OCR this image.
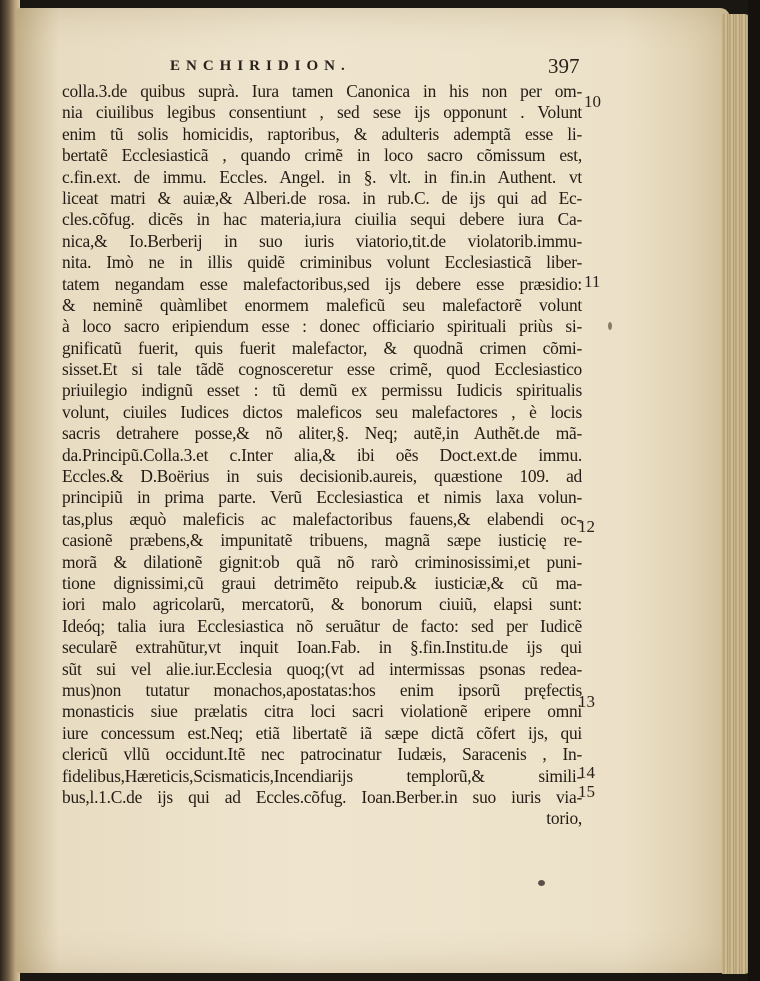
ENCHIRIDION.	397
colla.3.de quibus suprà. Iura tamen Canonica in his non per om-
nia ciuilibus legibus consentiunt , sed sese ijs opponunt . Volunt
enim tũ solis homicidis, raptoribus, & adulteris ademptã esse li-
bertatẽ Ecclesiasticã , quando crimẽ in loco sacro cõmissum est,
c.fin.ext. de immu. Eccles. Angel. in §. vlt. in fin.in Authent. vt
liceat matri & auiæ,& Alberi.de rosa. in rub.C. de ijs qui ad Ec-
cles.cõfug. dicẽs in hac materia,iura ciuilia sequi debere iura Ca-
nica,& Io.Berberij in suo iuris viatorio,tit.de violatorib.immu-
nita. Imò ne in illis quidẽ criminibus volunt Ecclesiasticã liber-
tatem negandam esse malefactoribus,sed ijs debere esse præsidio:
& neminẽ quàmlibet enormem maleficũ seu malefactorẽ volunt
à loco sacro eripiendum esse : donec officiario spirituali priùs si-
gnificatũ fuerit, quis fuerit malefactor, & quodnã crimen cõmi-
sisset.Et si tale tãdẽ cognosceretur esse crimẽ, quod Ecclesiastico
priuilegio indignũ esset : tũ demũ ex permissu Iudicis spiritualis
volunt, ciuiles Iudices dictos maleficos seu malefactores , è locis
sacris detrahere posse,& nõ aliter,§. Neq; autẽ,in Authẽt.de mã-
da.Principũ.Colla.3.et c.Inter alia,& ibi oẽs Doct.ext.de immu.
Eccles.& D.Boërius in suis decisionib.aureis, quæstione 109. ad
principiũ in prima parte. Verũ Ecclesiastica et nimis laxa volun-
tas,plus æquò maleficis ac malefactoribus fauens,& elabendi oc-
casionẽ præbens,& impunitatẽ tribuens, magnã sæpe iusticię re-
morã & dilationẽ gignit:ob quã nõ rarò criminosissimi,et puni-
tione dignissimi,cũ graui detrimẽto reipub.& iusticiæ,& cũ ma-
iori malo agricolarũ, mercatorũ, & bonorum ciuiũ, elapsi sunt:
Ideóq; talia iura Ecclesiastica nõ seruãtur de facto: sed per Iudicẽ
secularẽ extrahũtur,vt inquit Ioan.Fab. in §.fin.Institu.de ijs qui
sũt sui vel alie.iur.Ecclesia quoq;(vt ad intermissas psonas redea-
mus)non tutatur monachos,apostatas:hos enim ipsorũ pręfectis
monasticis siue prælatis citra loci sacri violationẽ eripere omni
iure concessum est.Neq; etiã libertatẽ iã sæpe dictã cõfert ijs, qui
clericũ vllũ occidunt.Itẽ nec patrocinatur Iudæis, Saracenis , In-
fidelibus,Hæreticis,Scismaticis,Incendiarijs templorũ,& simili-
bus,l.1.C.de ijs qui ad Eccles.cõfug. Ioan.Berber.in suo iuris via-
torio,
10
11
12
13
14
15
